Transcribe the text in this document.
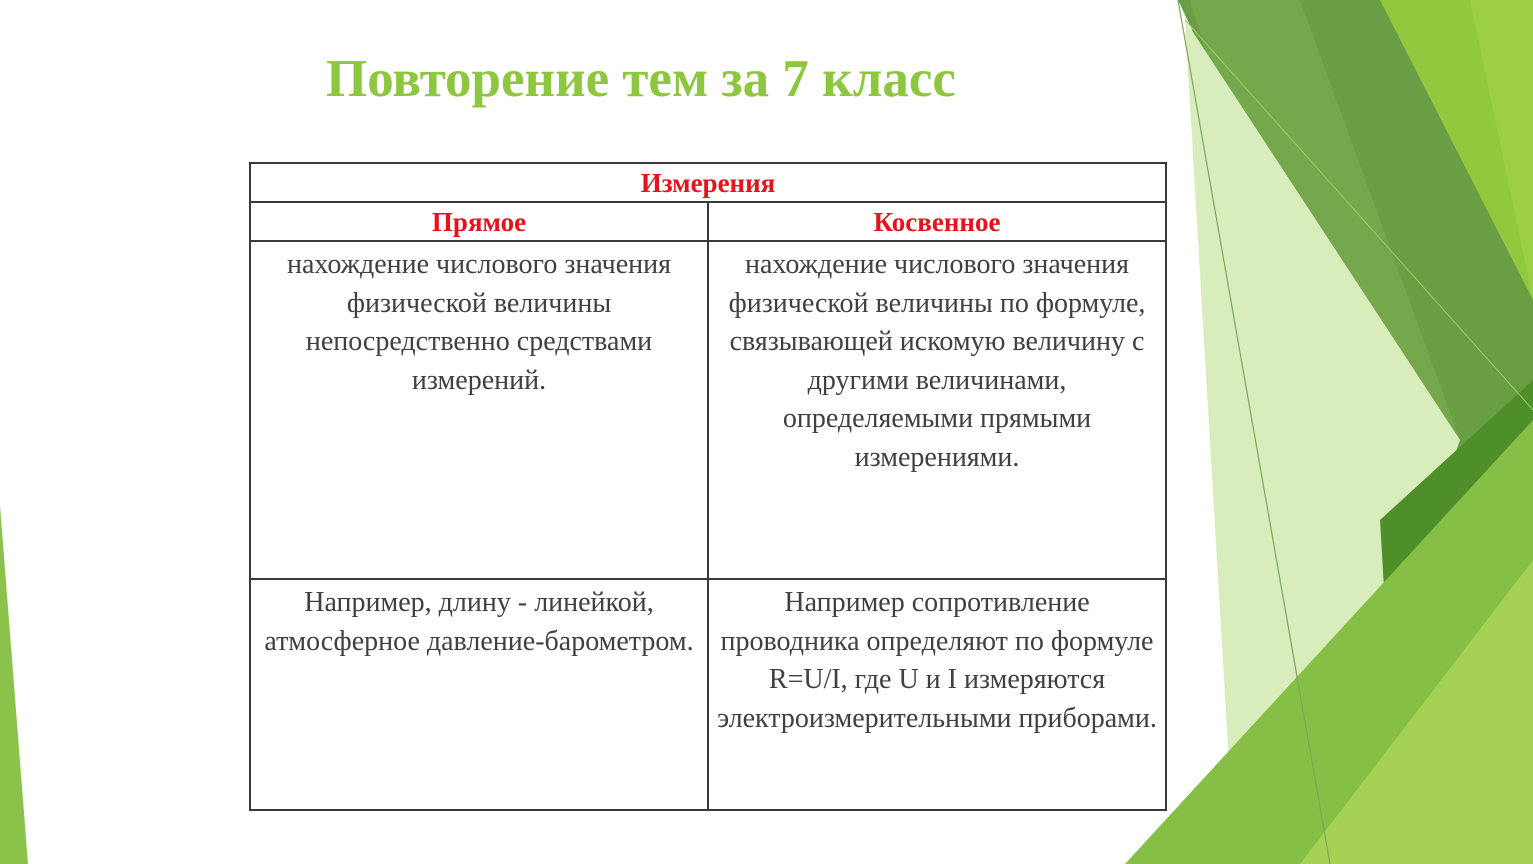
Повторение тем за 7 класс
Измерения	
Прямое	Косвенное
нахождение числового значения физической величины непосредственно средствами измерений.	нахождение числового значения физической величины по формуле, связывающей искомую величину с другими величинами, определяемыми прямыми измерениями.
Например, длину - линейкой, атмосферное давление-барометром.	Например сопротивление проводника определяют по формуле R=U/I, где U и I измеряются электроизмерительными приборами.
